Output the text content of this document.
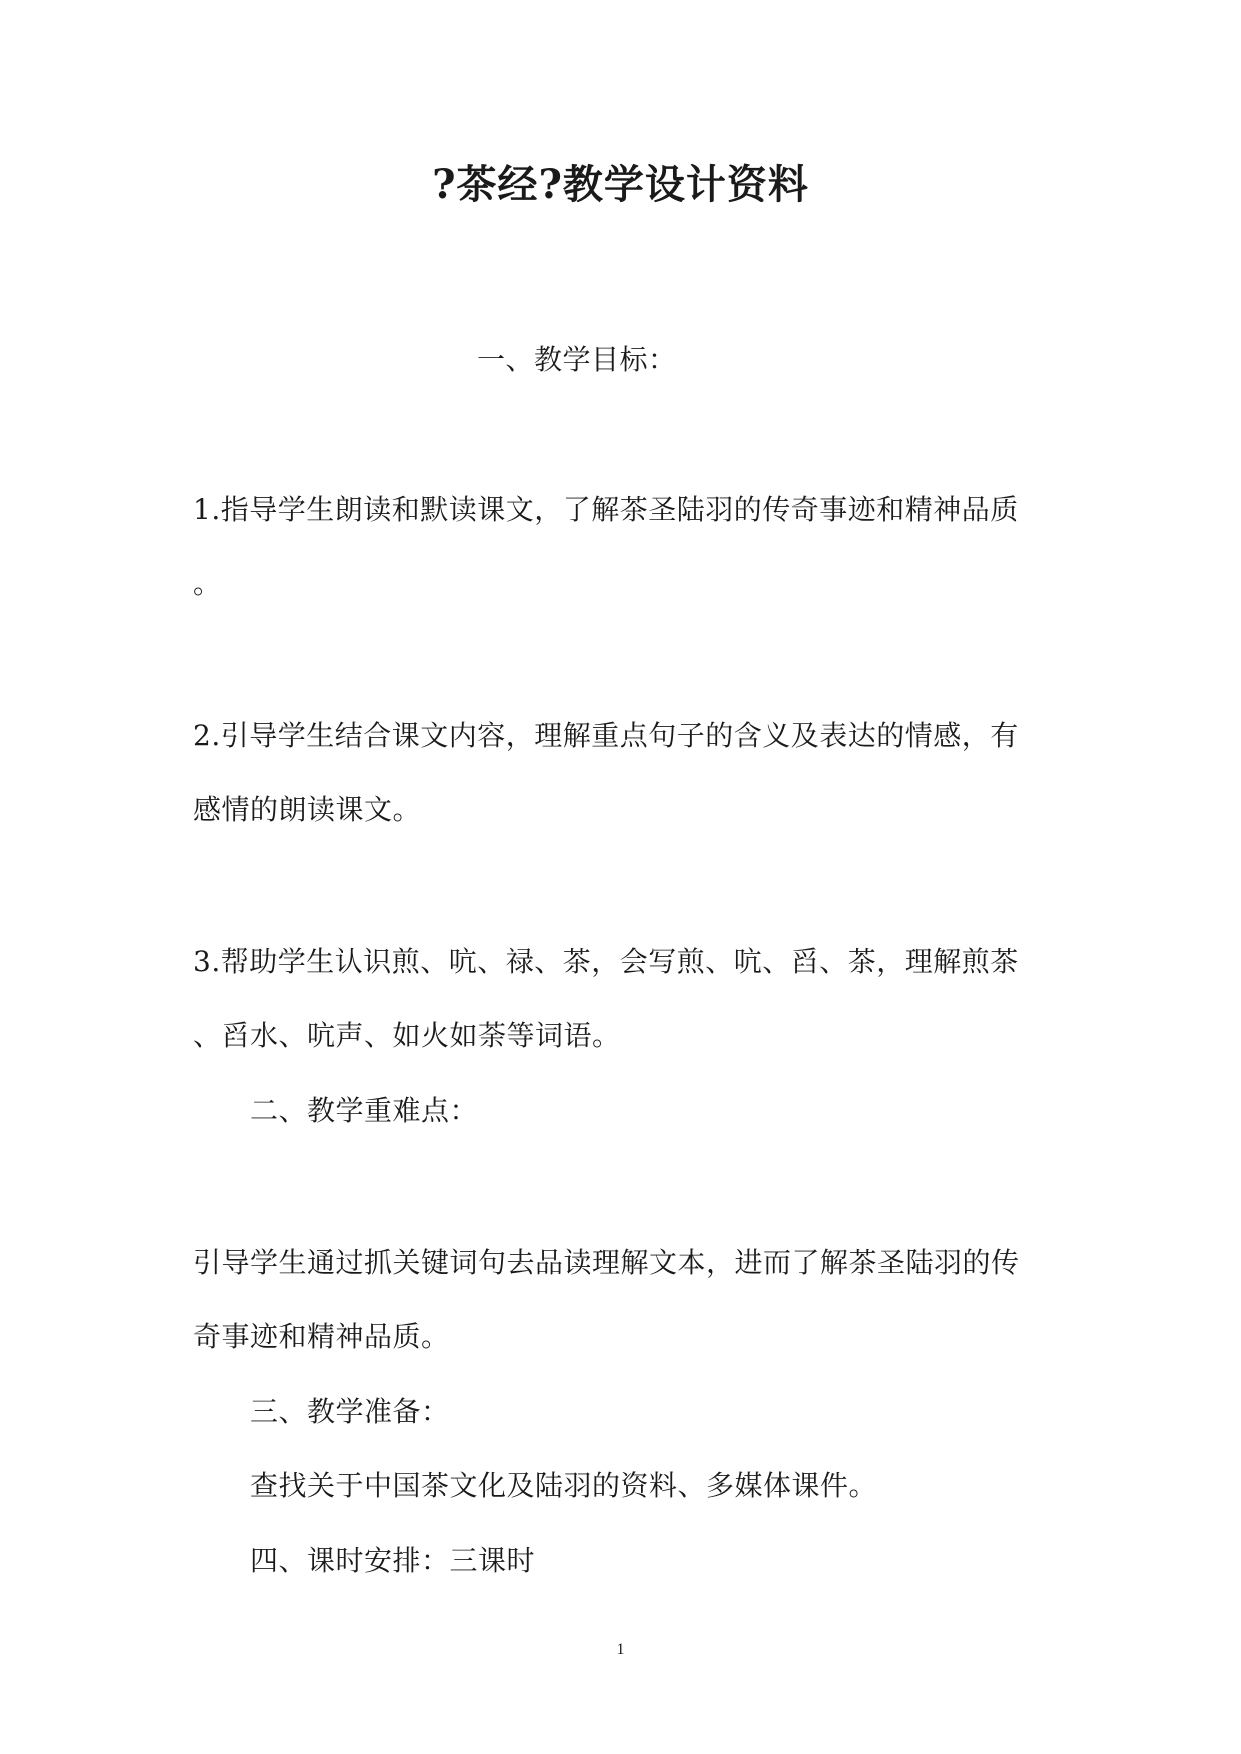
?茶经?教学设计资料
一、教学目标：
1.指导学生朗读和默读课文，了解茶圣陆羽的传奇事迹和精神品质
。
2.引导学生结合课文内容，理解重点句子的含义及表达的情感，有
感情的朗读课文。
3.帮助学生认识煎、吭、禄、茶，会写煎、吭、舀、茶，理解煎茶
、舀水、吭声、如火如荼等词语。
二、教学重难点：
引导学生通过抓关键词句去品读理解文本，进而了解茶圣陆羽的传
奇事迹和精神品质。
三、教学准备：
查找关于中国茶文化及陆羽的资料、多媒体课件。
四、课时安排：三课时
1
